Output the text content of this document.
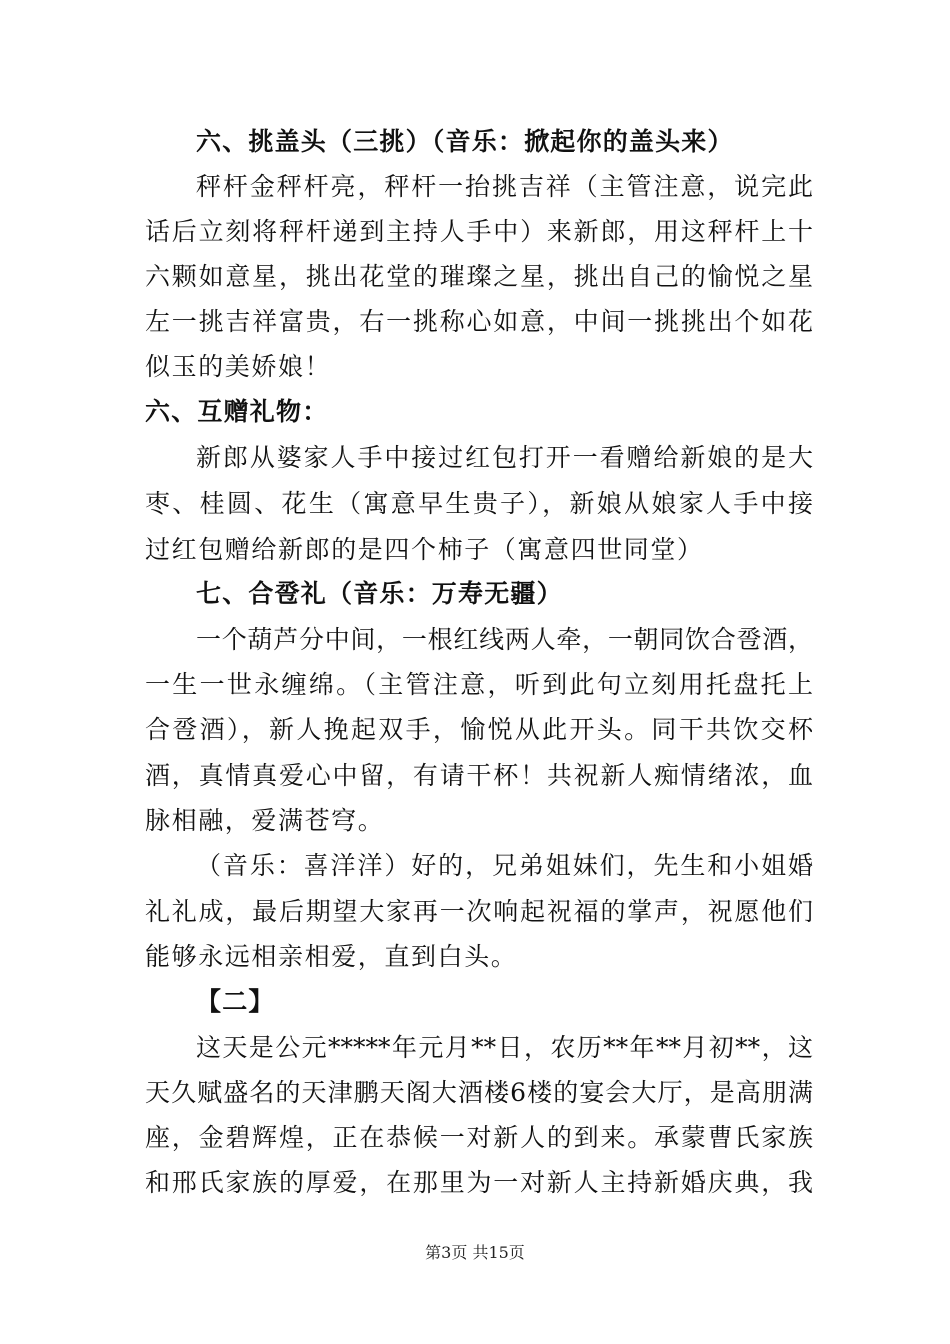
六、挑盖头（三挑）（音乐：掀起你的盖头来）
秤杆金秤杆亮，秤杆一抬挑吉祥（主管注意，说完此
话后立刻将秤杆递到主持人手中）来新郎，用这秤杆上十
六颗如意星，挑出花堂的璀璨之星，挑出自己的愉悦之星
左一挑吉祥富贵，右一挑称心如意，中间一挑挑出个如花
似玉的美娇娘！
六、互赠礼物：
新郎从婆家人手中接过红包打开一看赠给新娘的是大
枣、桂圆、花生（寓意早生贵子），新娘从娘家人手中接
过红包赠给新郎的是四个柿子（寓意四世同堂）
七、合卺礼（音乐：万寿无疆）
一个葫芦分中间，一根红线两人牵，一朝同饮合卺酒，
一生一世永缠绵。（主管注意，听到此句立刻用托盘托上
合卺酒），新人挽起双手，愉悦从此开头。同干共饮交杯
酒，真情真爱心中留，有请干杯！共祝新人痴情绪浓，血
脉相融，爱满苍穹。
（音乐：喜洋洋）好的，兄弟姐妹们，先生和小姐婚
礼礼成，最后期望大家再一次响起祝福的掌声，祝愿他们
能够永远相亲相爱，直到白头。
【二】
这天是公元*****年元月**日，农历**年**月初**，这
天久赋盛名的天津鹏天阁大酒楼6楼的宴会大厅，是高朋满
座，金碧辉煌，正在恭候一对新人的到来。承蒙曹氏家族
和邢氏家族的厚爱，在那里为一对新人主持新婚庆典，我
第3页 共15页
